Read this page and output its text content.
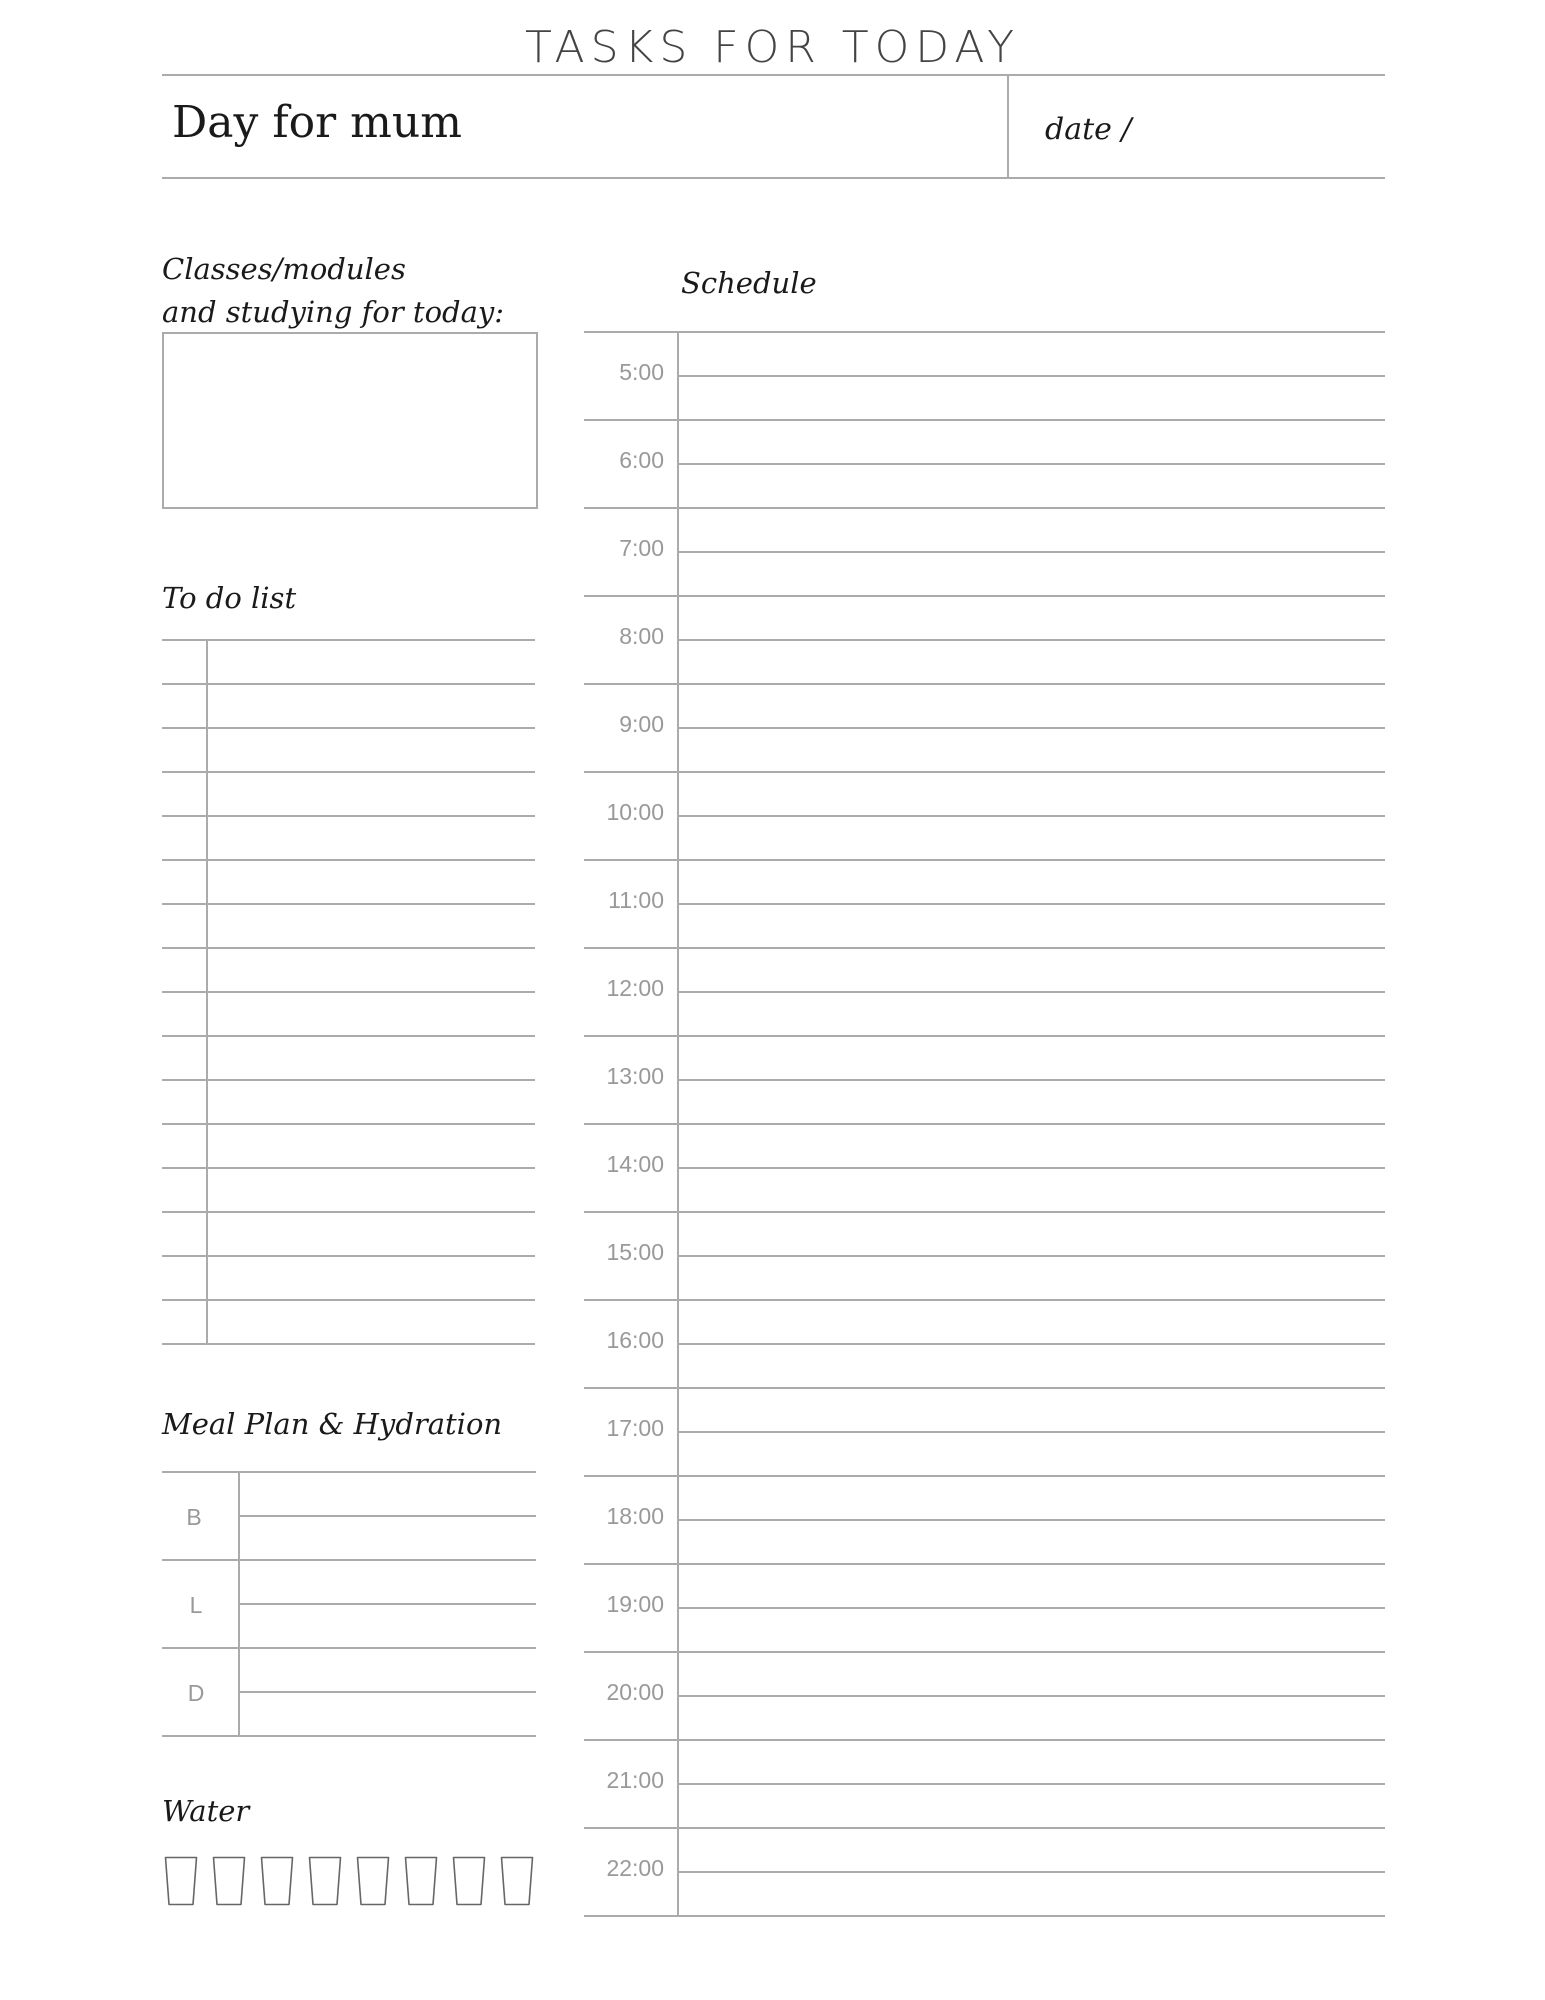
TASKS FOR TODAY
Day for mum	date /
Classes/modules
and studying for today:
To do list
Meal Plan & Hydration
B
L
D
Water
Schedule
5:00
6:00
7:00
8:00
9:00
10:00
11:00
12:00
13:00
14:00
15:00
16:00
17:00
18:00
19:00
20:00
21:00
22:00
